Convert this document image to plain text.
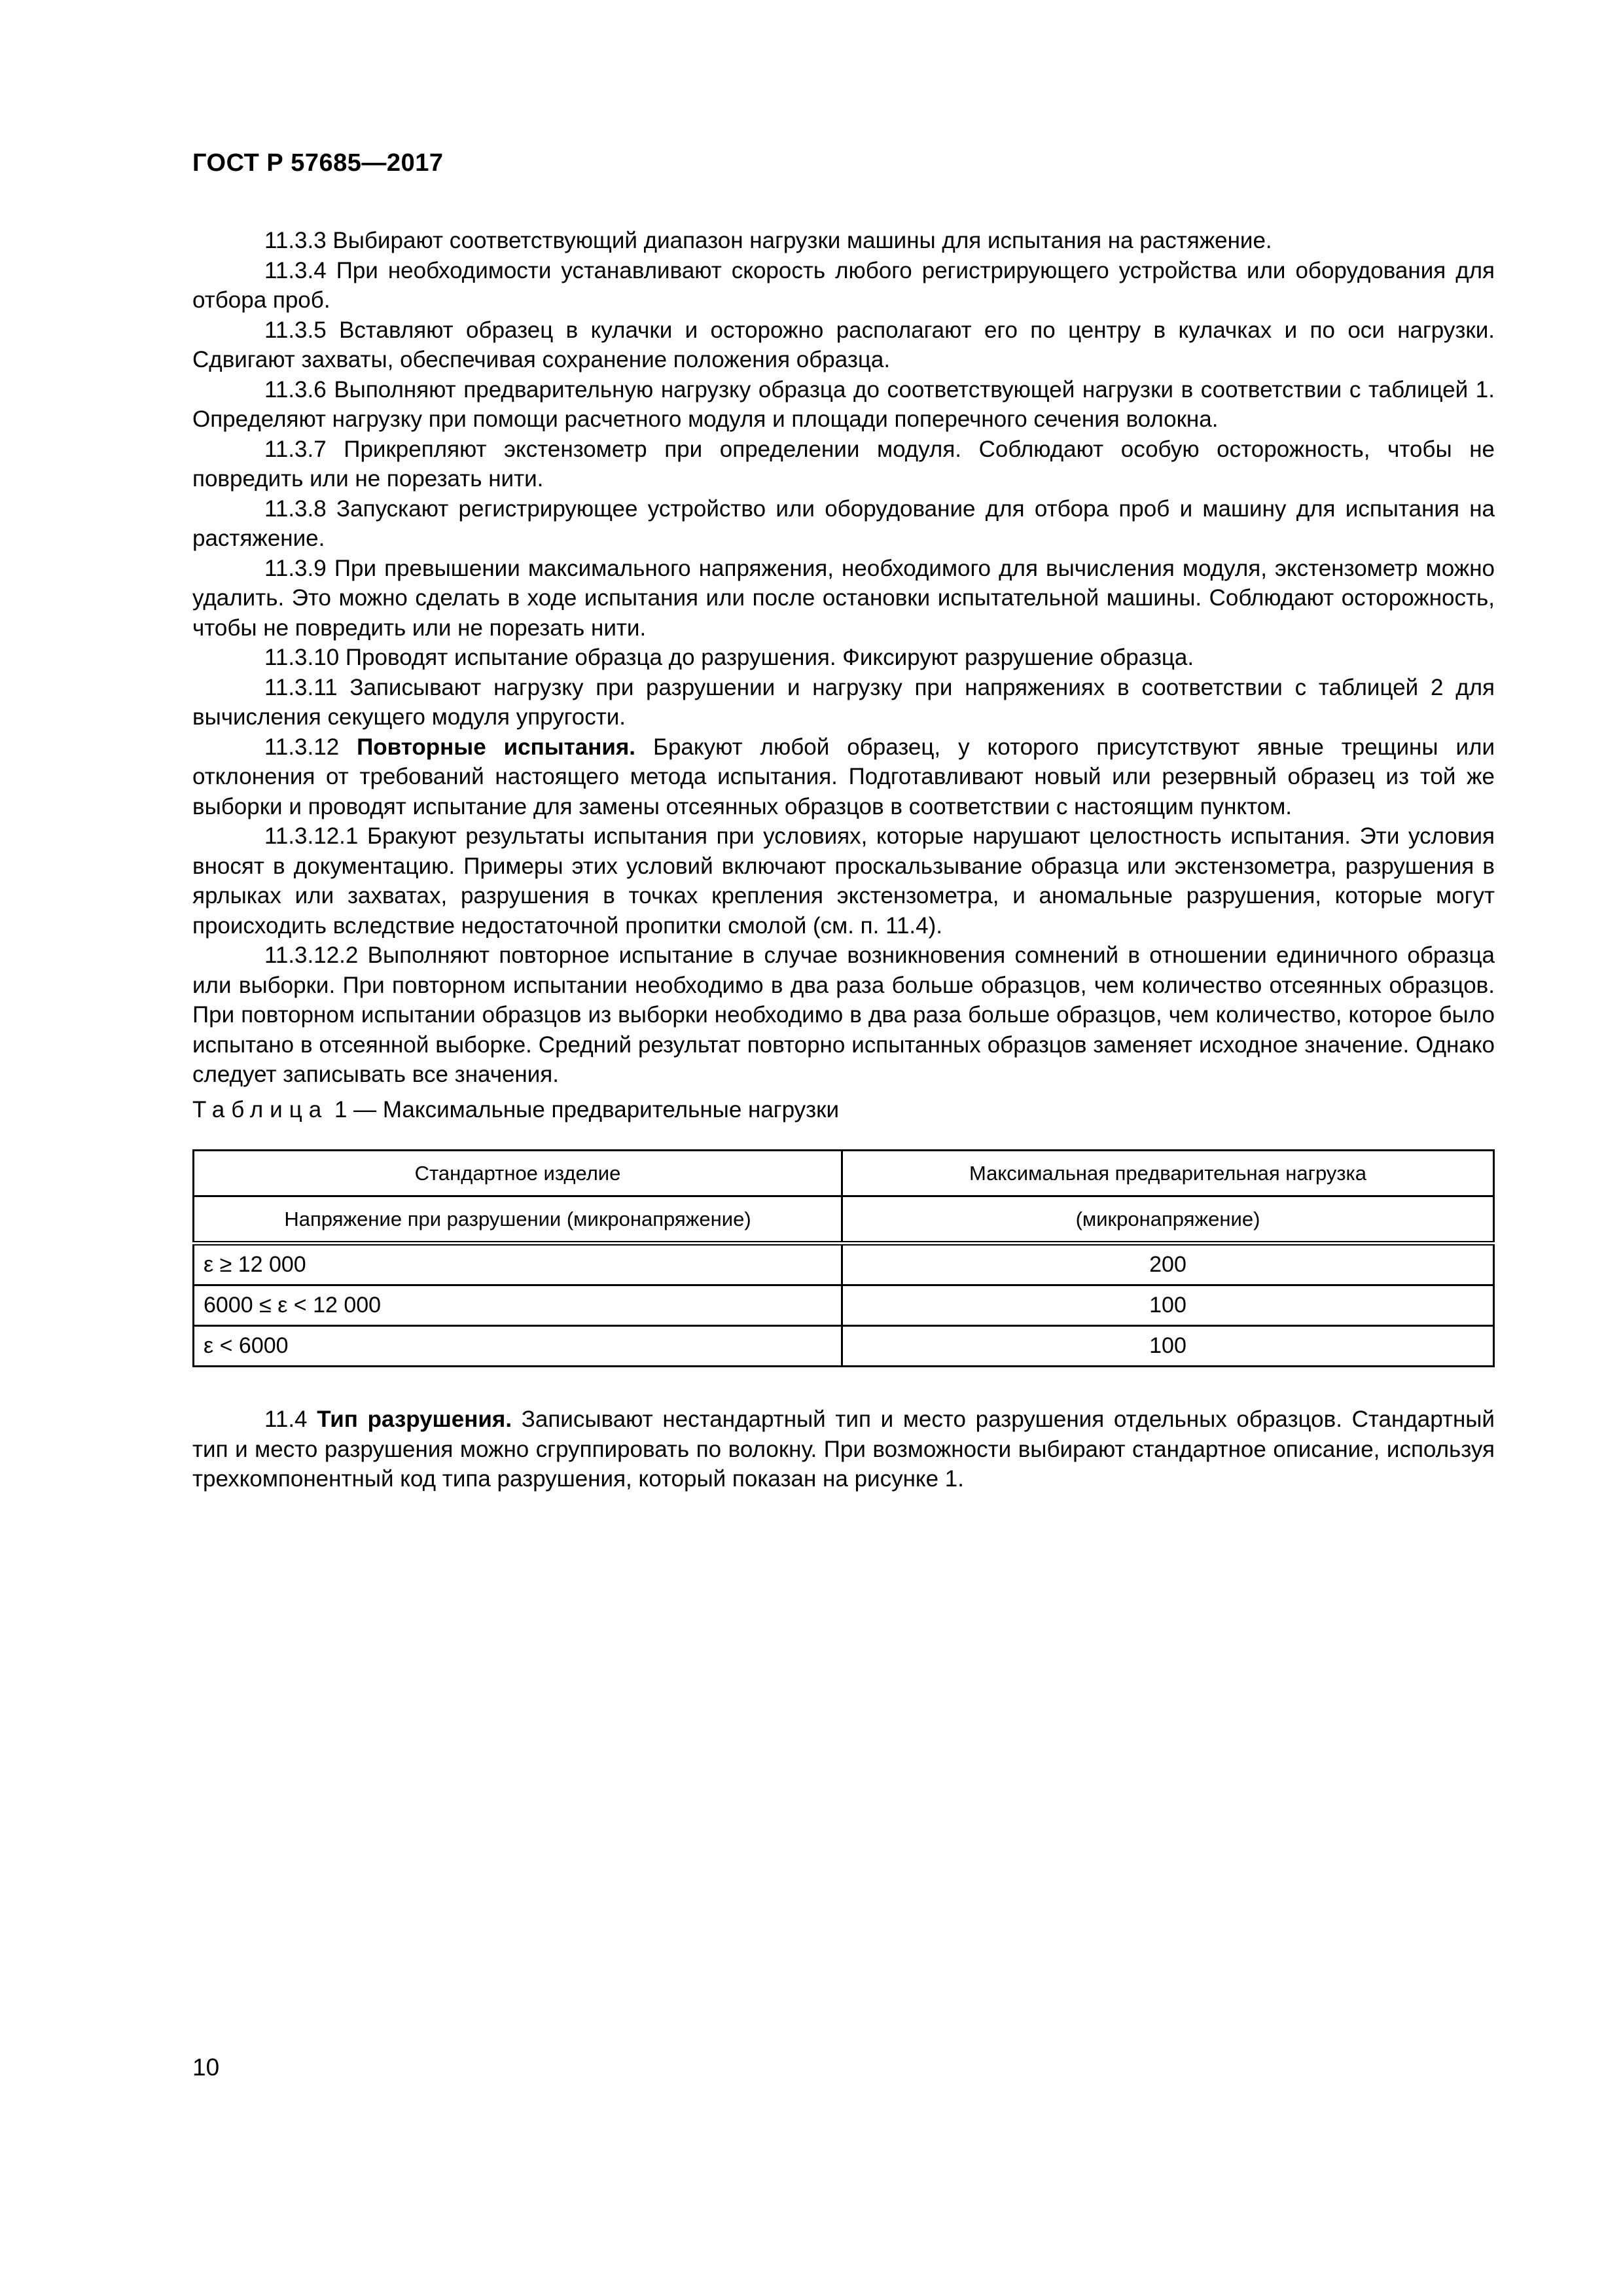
ГОСТ Р 57685—2017

11.3.3 Выбирают соответствующий диапазон нагрузки машины для испытания на растяжение.

11.3.4 При необходимости устанавливают скорость любого регистрирующего устройства или оборудования для отбора проб.

11.3.5 Вставляют образец в кулачки и осторожно располагают его по центру в кулачках и по оси нагрузки. Сдвигают захваты, обеспечивая сохранение положения образца.

11.3.6 Выполняют предварительную нагрузку образца до соответствующей нагрузки в соответствии с таблицей 1. Определяют нагрузку при помощи расчетного модуля и площади поперечного сечения волокна.

11.3.7 Прикрепляют экстензометр при определении модуля. Соблюдают особую осторожность, чтобы не повредить или не порезать нити.

11.3.8 Запускают регистрирующее устройство или оборудование для отбора проб и машину для испытания на растяжение.

11.3.9 При превышении максимального напряжения, необходимого для вычисления модуля, экстензометр можно удалить. Это можно сделать в ходе испытания или после остановки испытательной машины. Соблюдают осторожность, чтобы не повредить или не порезать нити.

11.3.10 Проводят испытание образца до разрушения. Фиксируют разрушение образца.

11.3.11 Записывают нагрузку при разрушении и нагрузку при напряжениях в соответствии с таблицей 2 для вычисления секущего модуля упругости.

11.3.12 Повторные испытания. Бракуют любой образец, у которого присутствуют явные трещины или отклонения от требований настоящего метода испытания. Подготавливают новый или резервный образец из той же выборки и проводят испытание для замены отсеянных образцов в соответствии с настоящим пунктом.

11.3.12.1 Бракуют результаты испытания при условиях, которые нарушают целостность испытания. Эти условия вносят в документацию. Примеры этих условий включают проскальзывание образца или экстензометра, разрушения в ярлыках или захватах, разрушения в точках крепления экстензометра, и аномальные разрушения, которые могут происходить вследствие недостаточной пропитки смолой (см. п. 11.4).

11.3.12.2 Выполняют повторное испытание в случае возникновения сомнений в отношении единичного образца или выборки. При повторном испытании необходимо в два раза больше образцов, чем количество отсеянных образцов. При повторном испытании образцов из выборки необходимо в два раза больше образцов, чем количество, которое было испытано в отсеянной выборке. Средний результат повторно испытанных образцов заменяет исходное значение. Однако следует записывать все значения.

Таблица 1 — Максимальные предварительные нагрузки

Стандартное изделие	Максимальная предварительная нагрузка
Напряжение при разрушении (микронапряжение)	(микронапряжение)
ε ≥ 12 000	200
6000 ≤ ε < 12 000	100
ε < 6000	100

11.4 Тип разрушения. Записывают нестандартный тип и место разрушения отдельных образцов. Стандартный тип и место разрушения можно сгруппировать по волокну. При возможности выбирают стандартное описание, используя трехкомпонентный код типа разрушения, который показан на рисунке 1.

10
